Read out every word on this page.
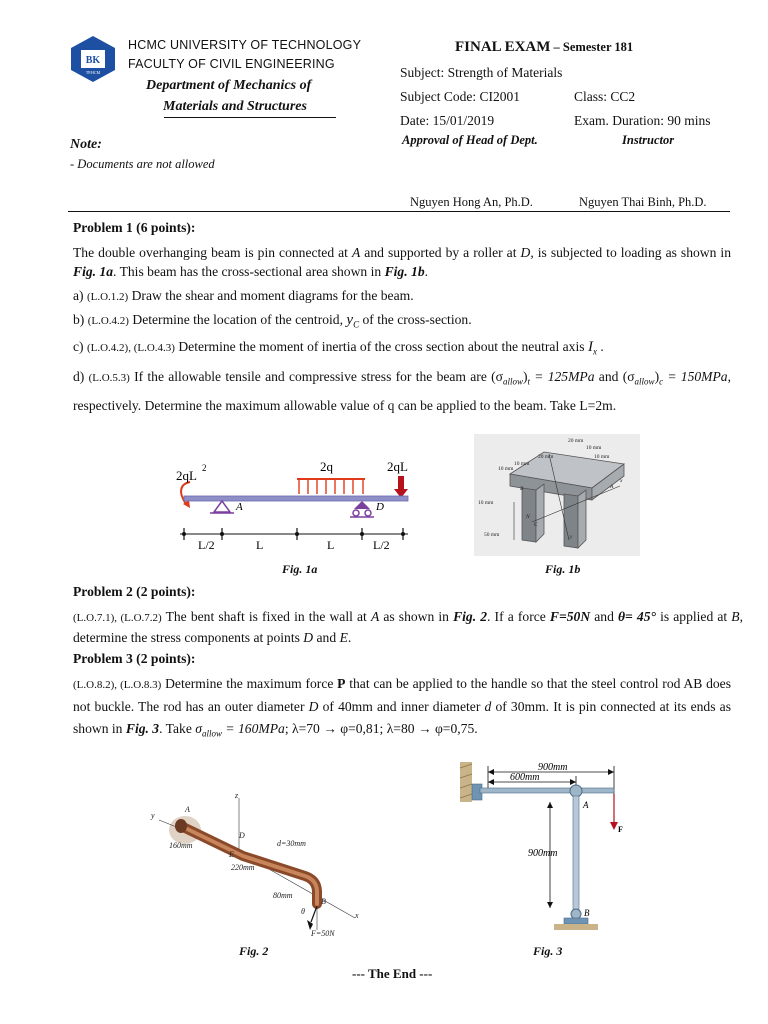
BK
TP.HCM
HCMC UNIVERSITY OF TECHNOLOGY
FACULTY OF CIVIL ENGINEERING
Department of Mechanics of
Materials and Structures
FINAL EXAM – Semester 181
Subject: Strength of Materials
Subject Code: CI2001	Class: CC2
Date: 15/01/2019	Exam. Duration: 90 mins
Approval of Head of Dept.	Instructor
Note:
- Documents are not allowed
Nguyen Hong An, Ph.D.	Nguyen Thai Binh, Ph.D.
Problem 1 (6 points):
The double overhanging beam is pin connected at A and supported by a roller at D, is subjected to loading as shown in Fig. 1a. This beam has the cross-sectional area shown in Fig. 1b.
a) (L.O.1.2) Draw the shear and moment diagrams for the beam.
b) (L.O.4.2) Determine the location of the centroid, $y_C$ of the cross-section.
c) (L.O.4.2), (L.O.4.3) Determine the moment of inertia of the cross section about the neutral axis $I_x$ .
d) (L.O.5.3) If the allowable tensile and compressive stress for the beam are $(\sigma_{allow})_t = 125MPa$ and $(\sigma_{allow})_c = 150MPa$, respectively. Determine the maximum allowable value of q can be applied to the beam. Take L=2m.
2qL 2	2q	2qL
A	D
L/2	L	L	L/2
20 mm
20 mm
10 mm
10 mm
10 mm
10 mm
10 mm
50 mm
A
B
C
N
x
y
Fig. 1a	Fig. 1b
Problem 2 (2 points):
(L.O.7.1), (L.O.7.2) The bent shaft is fixed in the wall at A as shown in Fig. 2. If a force F=50N and θ= 45° is applied at B, determine the stress components at points D and E.
Problem 3 (2 points):
(L.O.8.2), (L.O.8.3) Determine the maximum force P that can be applied to the handle so that the steel control rod AB does not buckle. The rod has an outer diameter D of 40mm and inner diameter d of 30mm. It is pin connected at its ends as shown in Fig. 3. Take $\sigma_{allow} = 160MPa$; λ=70 → φ=0,81; λ=80 → φ=0,75.
y
z
x
A
D
E
B
160mm	d=30mm
220mm
80mm
θ
F=50N
900mm
600mm
900mm
A
F
B
Fig. 2	Fig. 3
--- The End ---
